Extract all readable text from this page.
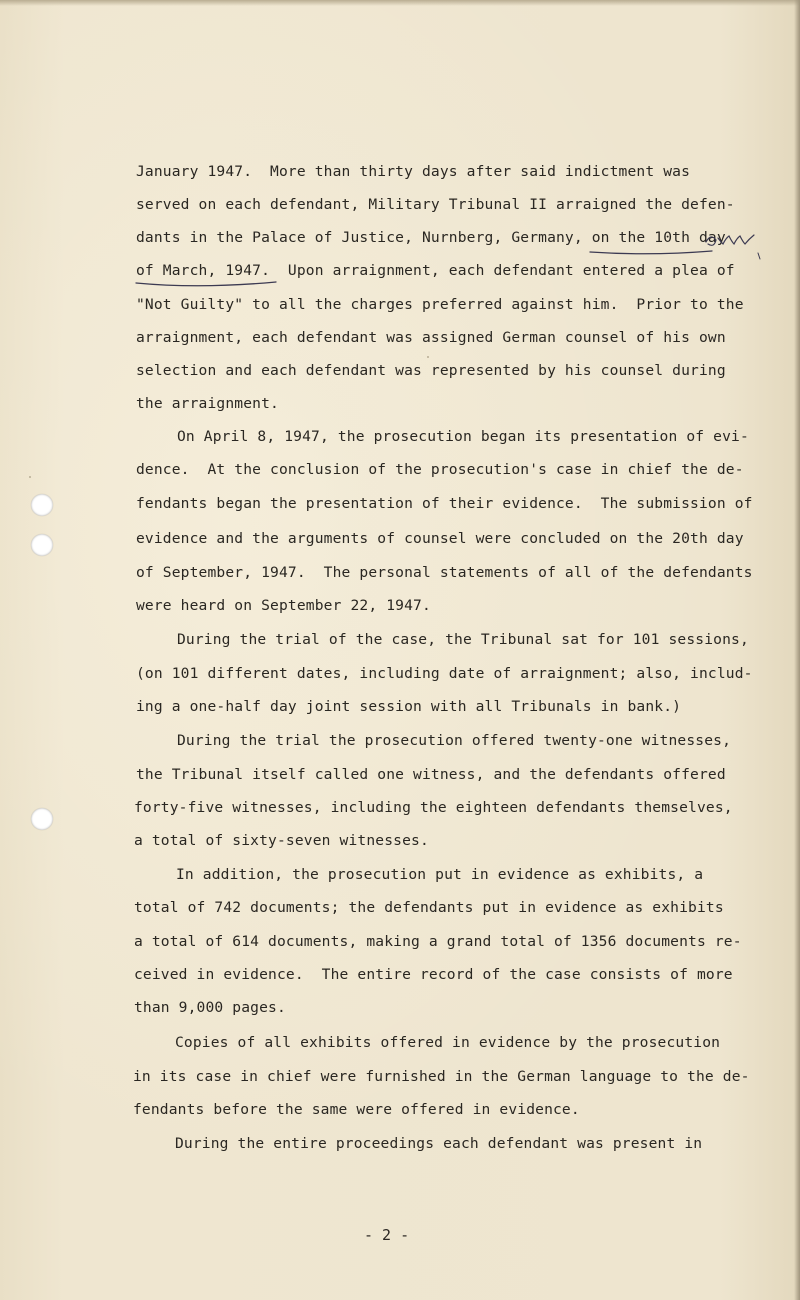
January 1947.  More than thirty days after said indictment was
served on each defendant, Military Tribunal II arraigned the defen-
dants in the Palace of Justice, Nurnberg, Germany, on the 10th day
of March, 1947.  Upon arraignment, each defendant entered a plea of
"Not Guilty" to all the charges preferred against him.  Prior to the
arraignment, each defendant was assigned German counsel of his own
selection and each defendant was represented by his counsel during
the arraignment.
On April 8, 1947, the prosecution began its presentation of evi-
dence.  At the conclusion of the prosecution's case in chief the de-
fendants began the presentation of their evidence.  The submission of
evidence and the arguments of counsel were concluded on the 20th day
of September, 1947.  The personal statements of all of the defendants
were heard on September 22, 1947.
During the trial of the case, the Tribunal sat for 101 sessions,
(on 101 different dates, including date of arraignment; also, includ-
ing a one-half day joint session with all Tribunals in bank.)
During the trial the prosecution offered twenty-one witnesses,
the Tribunal itself called one witness, and the defendants offered
forty-five witnesses, including the eighteen defendants themselves,
a total of sixty-seven witnesses.
In addition, the prosecution put in evidence as exhibits, a
total of 742 documents; the defendants put in evidence as exhibits
a total of 614 documents, making a grand total of 1356 documents re-
ceived in evidence.  The entire record of the case consists of more
than 9,000 pages.
Copies of all exhibits offered in evidence by the prosecution
in its case in chief were furnished in the German language to the de-
fendants before the same were offered in evidence.
During the entire proceedings each defendant was present in
- 2 -
